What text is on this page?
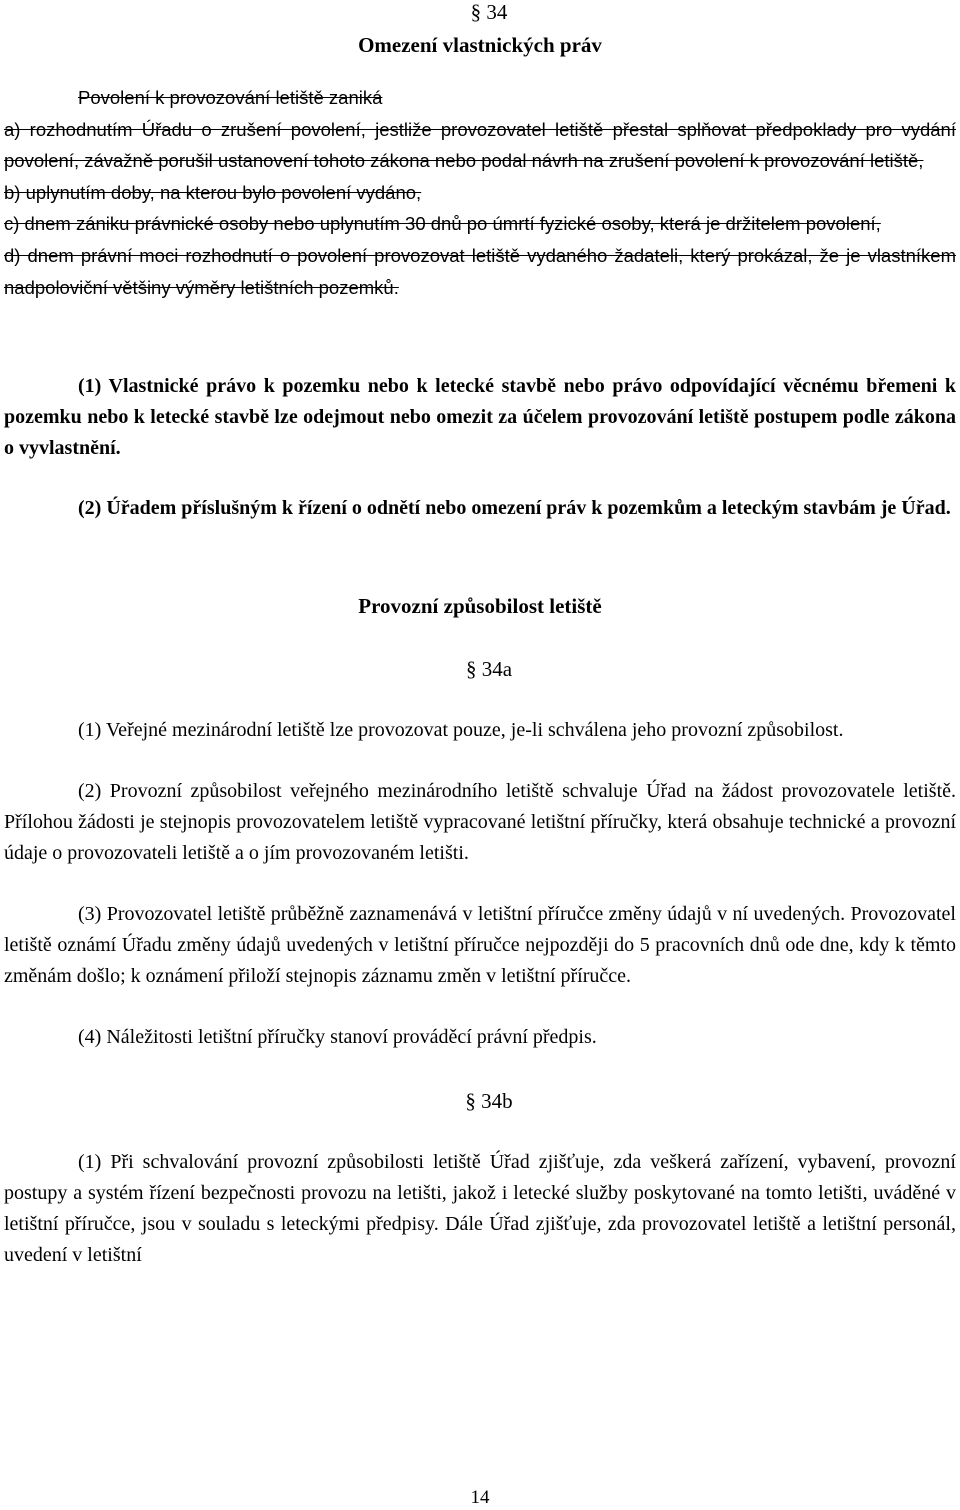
§ 34

Omezení vlastnických práv

Povolení k provozování letiště zaniká

a) rozhodnutím Úřadu o zrušení povolení, jestliže provozovatel letiště přestal splňovat předpoklady pro vydání povolení, závažně porušil ustanovení tohoto zákona nebo podal návrh na zrušení povolení k provozování letiště,

b) uplynutím doby, na kterou bylo povolení vydáno,

c) dnem zániku právnické osoby nebo uplynutím 30 dnů po úmrtí fyzické osoby, která je držitelem povolení,

d) dnem právní moci rozhodnutí o povolení provozovat letiště vydaného žadateli, který prokázal, že je vlastníkem nadpoloviční většiny výměry letištních pozemků.

(1) Vlastnické právo k pozemku nebo k letecké stavbě nebo právo odpovídající věcnému břemeni k pozemku nebo k letecké stavbě lze odejmout nebo omezit za účelem provozování letiště postupem podle zákona o vyvlastnění.

(2) Úřadem příslušným k řízení o odnětí nebo omezení práv k pozemkům a leteckým stavbám je Úřad.

Provozní způsobilost letiště

§ 34a

(1) Veřejné mezinárodní letiště lze provozovat pouze, je-li schválena jeho provozní způsobilost.

(2) Provozní způsobilost veřejného mezinárodního letiště schvaluje Úřad na žádost provozovatele letiště. Přílohou žádosti je stejnopis provozovatelem letiště vypracované letištní příručky, která obsahuje technické a provozní údaje o provozovateli letiště a o jím provozovaném letišti.

(3) Provozovatel letiště průběžně zaznamenává v letištní příručce změny údajů v ní uvedených. Provozovatel letiště oznámí Úřadu změny údajů uvedených v letištní příručce nejpozději do 5 pracovních dnů ode dne, kdy k těmto změnám došlo; k oznámení přiloží stejnopis záznamu změn v letištní příručce.

(4) Náležitosti letištní příručky stanoví prováděcí právní předpis.

§ 34b

(1) Při schvalování provozní způsobilosti letiště Úřad zjišťuje, zda veškerá zařízení, vybavení, provozní postupy a systém řízení bezpečnosti provozu na letišti, jakož i letecké služby poskytované na tomto letišti, uváděné v letištní příručce, jsou v souladu s leteckými předpisy. Dále Úřad zjišťuje, zda provozovatel letiště a letištní personál, uvedení v letištní

14
